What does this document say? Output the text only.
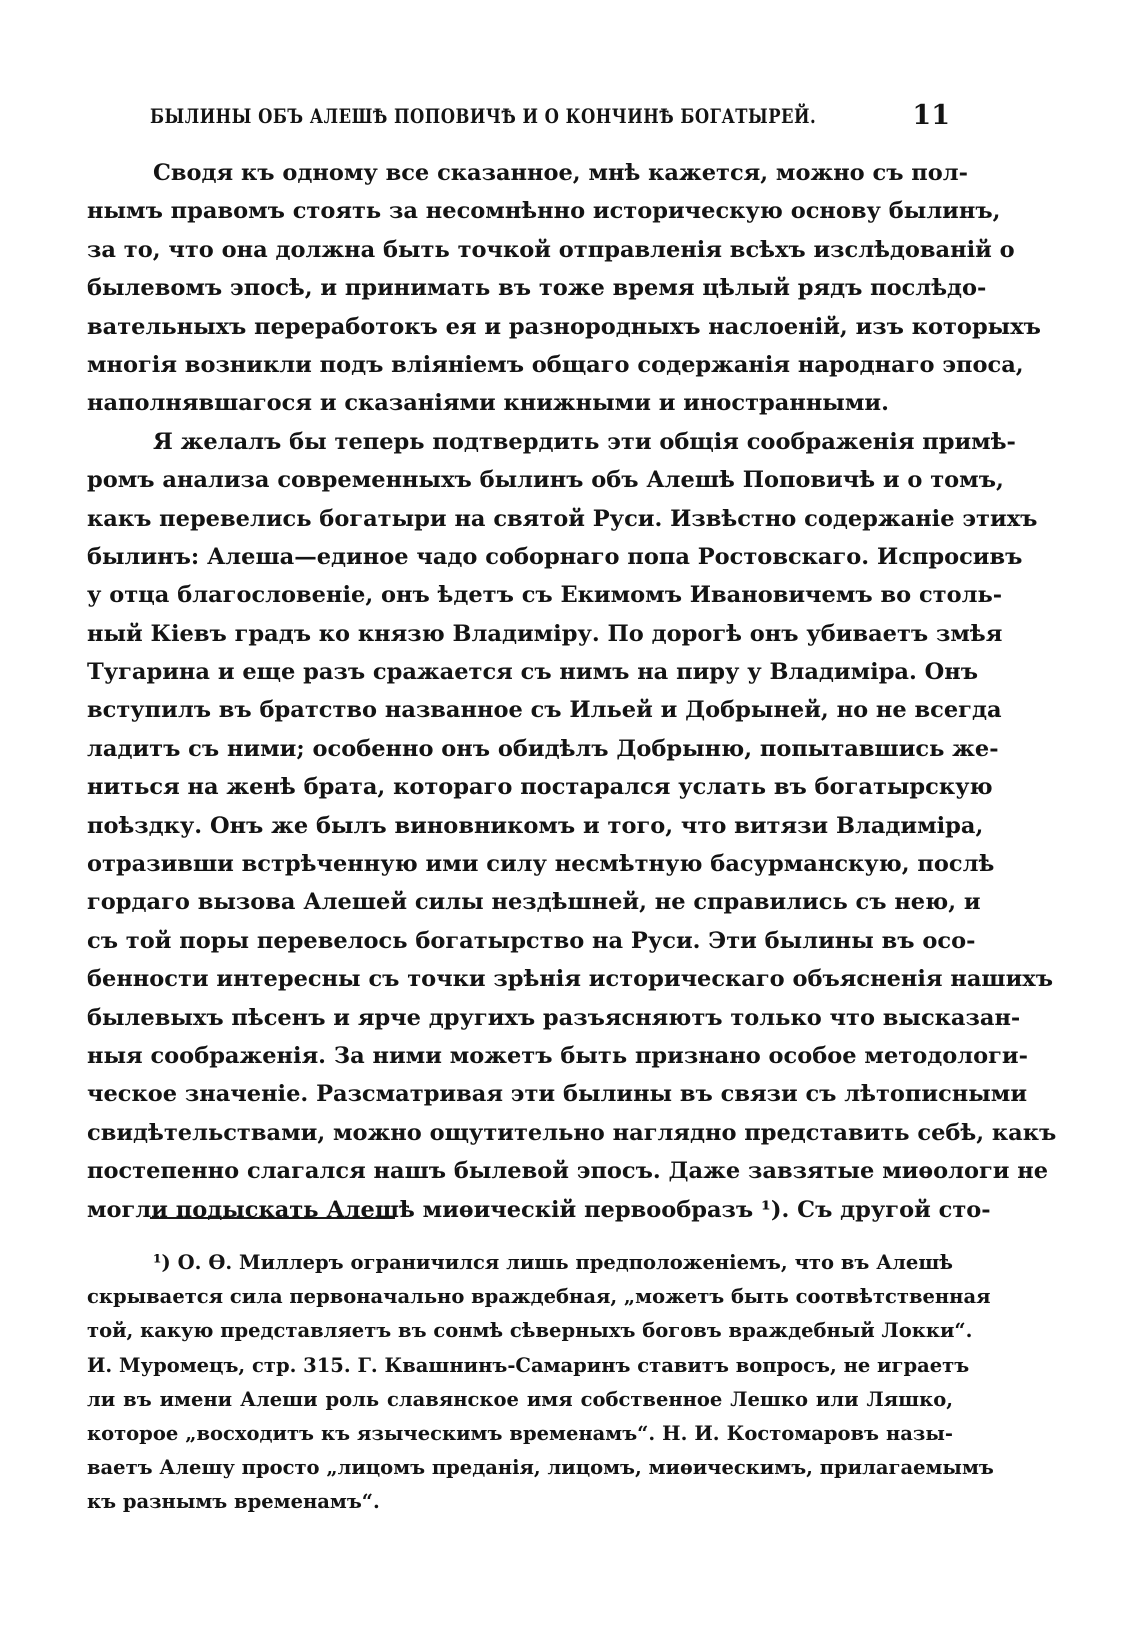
БЫЛИНЫ ОБЪ АЛЕШѢ ПОПОВИЧѢ И О КОНЧИНѢ БОГАТЫРЕЙ.	11
Сводя къ одному все сказанное, мнѣ кажется, можно съ пол-
нымъ правомъ стоять за несомнѣнно историческую основу былинъ,
за то, что она должна быть точкой отправленія всѣхъ изслѣдованій о
былевомъ эпосѣ, и принимать въ тоже время цѣлый рядъ послѣдо-
вательныхъ переработокъ ея и разнородныхъ наслоеній, изъ которыхъ
многія возникли подъ вліяніемъ общаго содержанія народнаго эпоса,
наполнявшагося и сказаніями книжными и иностранными.
Я желалъ бы теперь подтвердить эти общія соображенія примѣ-
ромъ анализа современныхъ былинъ объ Алешѣ Поповичѣ и о томъ,
какъ перевелись богатыри на святой Руси. Извѣстно содержаніе этихъ
былинъ: Алеша—единое чадо соборнаго попа Ростовскаго. Испросивъ
у отца благословеніе, онъ ѣдетъ съ Екимомъ Ивановичемъ во столь-
ный Кіевъ градъ ко князю Владиміру. По дорогѣ онъ убиваетъ змѣя
Тугарина и еще разъ сражается съ нимъ на пиру у Владиміра. Онъ
вступилъ въ братство названное съ Ильей и Добрыней, но не всегда
ладитъ съ ними; особенно онъ обидѣлъ Добрыню, попытавшись же-
ниться на женѣ брата, котораго постарался услать въ богатырскую
поѣздку. Онъ же былъ виновникомъ и того, что витязи Владиміра,
отразивши встрѣченную ими силу несмѣтную басурманскую, послѣ
гордаго вызова Алешей силы нездѣшней, не справились съ нею, и
съ той поры перевелось богатырство на Руси. Эти былины въ осо-
бенности интересны съ точки зрѣнія историческаго объясненія нашихъ
былевыхъ пѣсенъ и ярче другихъ разъясняютъ только что высказан-
ныя соображенія. За ними можетъ быть признано особое методологи-
ческое значеніе. Разсматривая эти былины въ связи съ лѣтописными
свидѣтельствами, можно ощутительно наглядно представить себѣ, какъ
постепенно слагался нашъ былевой эпосъ. Даже завзятые миѳологи не
могли подыскать Алешѣ миѳическій первообразъ ¹). Съ другой сто-
¹) О. Ѳ. Миллеръ ограничился лишь предположеніемъ, что въ Алешѣ
скрывается сила первоначально враждебная, „можетъ быть соотвѣтственная
той, какую представляетъ въ сонмѣ сѣверныхъ боговъ враждебный Локки“.
И. Муромецъ, стр. 315. Г. Квашнинъ-Самаринъ ставитъ вопросъ, не играетъ
ли въ имени Алеши роль славянское имя собственное Лешко или Ляшко,
которое „восходитъ къ языческимъ временамъ“. Н. И. Костомаровъ назы-
ваетъ Алешу просто „лицомъ преданія, лицомъ, миѳическимъ, прилагаемымъ
къ разнымъ временамъ“.
